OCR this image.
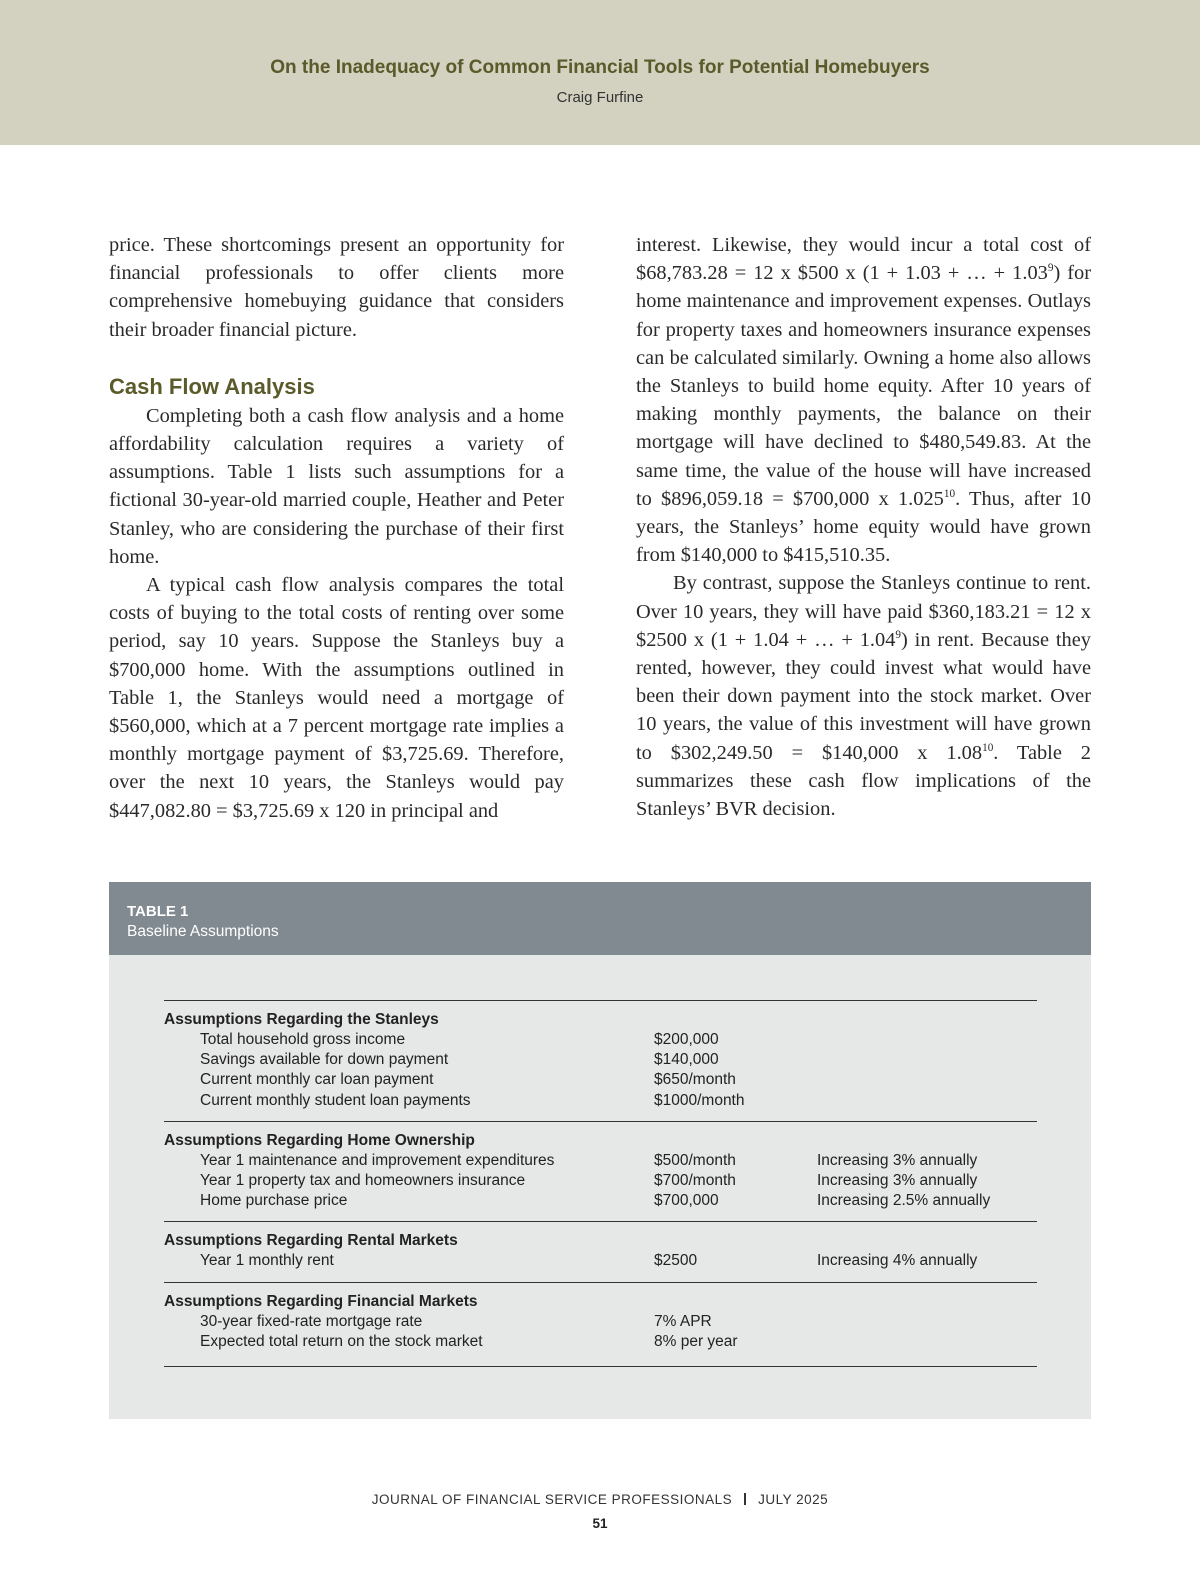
On the Inadequacy of Common Financial Tools for Potential Homebuyers
Craig Furfine

price. These shortcomings present an opportunity for financial professionals to offer clients more comprehensive homebuying guidance that considers their broader financial picture.

Cash Flow Analysis

Completing both a cash flow analysis and a home affordability calculation requires a variety of assumptions. Table 1 lists such assumptions for a fictional 30-year-old married couple, Heather and Peter Stanley, who are considering the purchase of their first home.

A typical cash flow analysis compares the total costs of buying to the total costs of renting over some period, say 10 years. Suppose the Stanleys buy a $700,000 home. With the assumptions outlined in Table 1, the Stanleys would need a mortgage of $560,000, which at a 7 percent mortgage rate implies a monthly mortgage payment of $3,725.69. Therefore, over the next 10 years, the Stanleys would pay $447,082.80 = $3,725.69 x 120 in principal and

interest. Likewise, they would incur a total cost of $68,783.28 = 12 x $500 x (1 + 1.03 + … + $1.03^9$) for home maintenance and improvement expenses. Outlays for property taxes and homeowners insurance expenses can be calculated similarly. Owning a home also allows the Stanleys to build home equity. After 10 years of making monthly payments, the balance on their mortgage will have declined to $480,549.83. At the same time, the value of the house will have increased to $896,059.18 = $700,000 x 1.025$^{10}$. Thus, after 10 years, the Stanleys’ home equity would have grown from $140,000 to $415,510.35.

By contrast, suppose the Stanleys continue to rent. Over 10 years, they will have paid $360,183.21 = 12 x $2500 x (1 + 1.04 + … + $1.04^9$) in rent. Because they rented, however, they could invest what would have been their down payment into the stock market. Over 10 years, the value of this investment will have grown to $302,249.50 = $140,000 x 1.08$^{10}$. Table 2 summarizes these cash flow implications of the Stanleys’ BVR decision.

TABLE 1
Baseline Assumptions
Assumptions Regarding the Stanleys
Total household gross income	$200,000
Savings available for down payment	$140,000
Current monthly car loan payment	$650/month
Current monthly student loan payments	$1000/month
Assumptions Regarding Home Ownership
Year 1 maintenance and improvement expenditures	$500/month	Increasing 3% annually
Year 1 property tax and homeowners insurance	$700/month	Increasing 3% annually
Home purchase price	$700,000	Increasing 2.5% annually
Assumptions Regarding Rental Markets
Year 1 monthly rent	$2500	Increasing 4% annually
Assumptions Regarding Financial Markets
30-year fixed-rate mortgage rate	7% APR
Expected total return on the stock market	8% per year
JOURNAL OF FINANCIAL SERVICE PROFESSIONALS JULY 2025
51
